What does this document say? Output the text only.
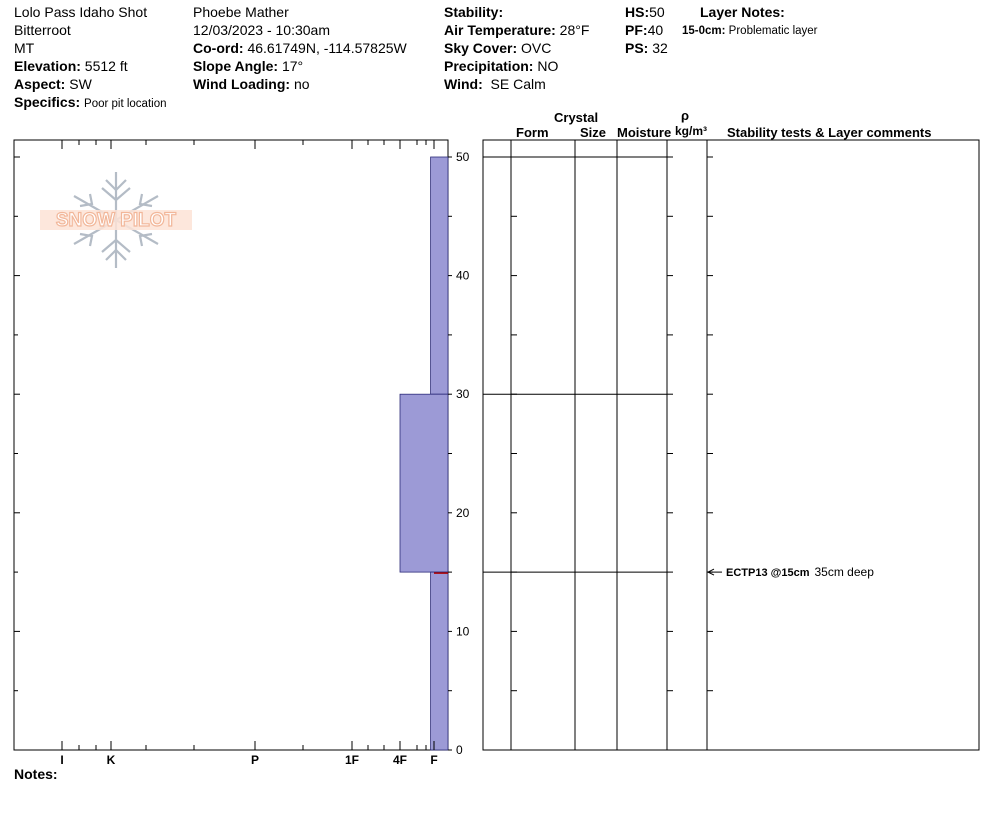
Lolo Pass Idaho Shot
Bitterroot
MT
Elevation: 5512 ft
Aspect: SW
Specifics: Poor pit location
Phoebe Mather
12/03/2023 - 10:30am
Co-ord: 46.61749N, -114.57825W
Slope Angle: 17°
Wind Loading: no
Stability:
Air Temperature: 28°F
Sky Cover: OVC
Precipitation: NO
Wind: SE Calm
HS:50
PF:40
PS: 32
Layer Notes:
15-0cm: Problematic layer
Crystal
Form Size Moisture
ρ
kg/m³ Stability tests & Layer comments
SNOW PILOT
I	K	P	1F	4F F
0
10
20
30
40
50
ECTP13 @15cm 35cm deep
Notes:
